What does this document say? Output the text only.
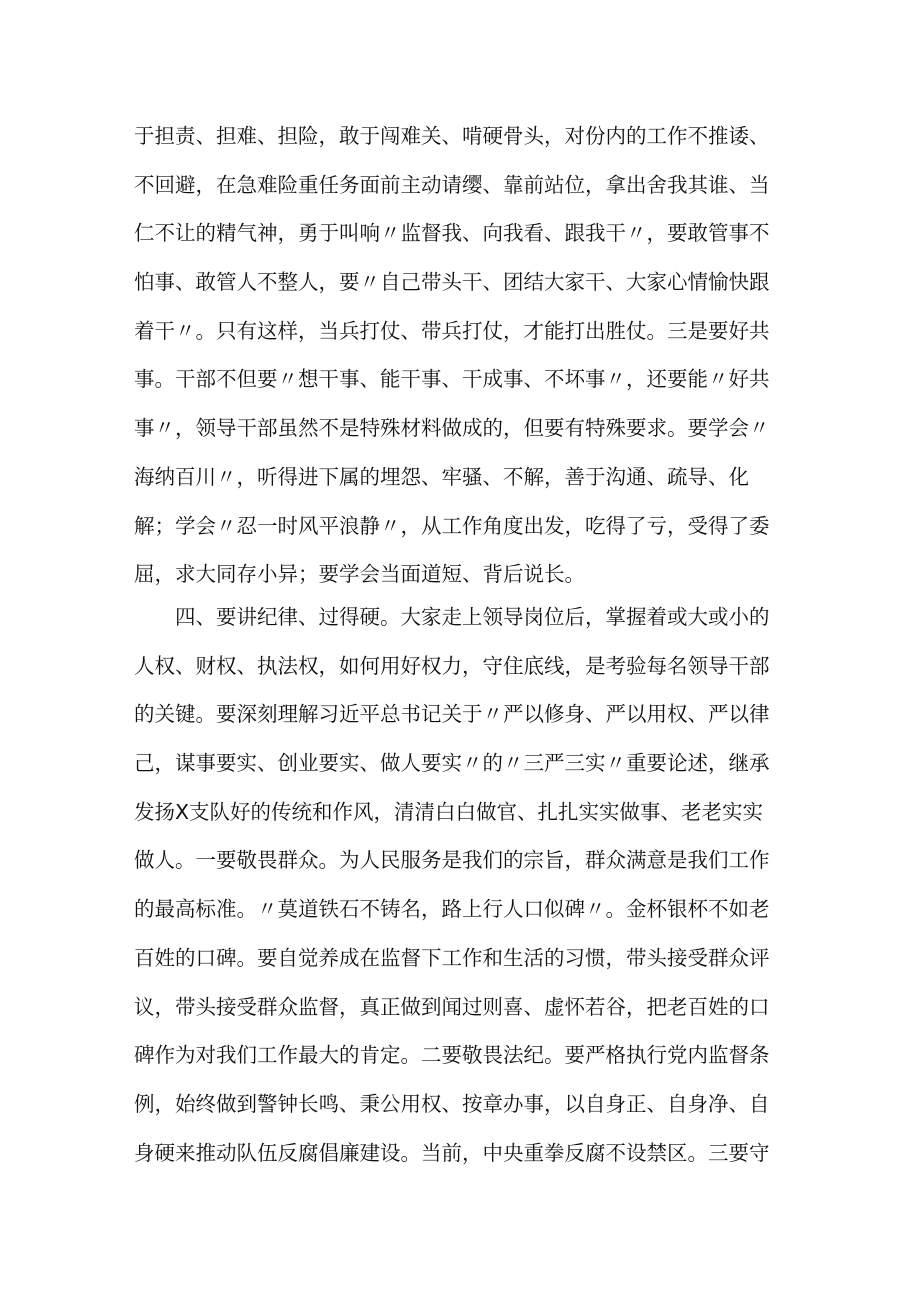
于担责、担难、担险，敢于闯难关、啃硬骨头，对份内的工作不推诿、
不回避，在急难险重任务面前主动请缨、靠前站位，拿出舍我其谁、当
仁不让的精气神，勇于叫响〃监督我、向我看、跟我干〃，要敢管事不
怕事、敢管人不整人，要〃自己带头干、团结大家干、大家心情愉快跟
着干〃。只有这样，当兵打仗、带兵打仗，才能打出胜仗。三是要好共
事。干部不但要〃想干事、能干事、干成事、不坏事〃，还要能〃好共
事〃，领导干部虽然不是特殊材料做成的，但要有特殊要求。要学会〃
海纳百川〃，听得进下属的埋怨、牢骚、不解，善于沟通、疏导、化
解；学会〃忍一时风平浪静〃，从工作角度出发，吃得了亏，受得了委
屈，求大同存小异；要学会当面道短、背后说长。
　　四、要讲纪律、过得硬。大家走上领导岗位后，掌握着或大或小的
人权、财权、执法权，如何用好权力，守住底线，是考验每名领导干部
的关键。要深刻理解习近平总书记关于〃严以修身、严以用权、严以律
己，谋事要实、创业要实、做人要实〃的〃三严三实〃重要论述，继承
发扬X支队好的传统和作风，清清白白做官、扎扎实实做事、老老实实
做人。一要敬畏群众。为人民服务是我们的宗旨，群众满意是我们工作
的最高标准。〃莫道铁石不铸名，路上行人口似碑〃。金杯银杯不如老
百姓的口碑。要自觉养成在监督下工作和生活的习惯，带头接受群众评
议，带头接受群众监督，真正做到闻过则喜、虚怀若谷，把老百姓的口
碑作为对我们工作最大的肯定。二要敬畏法纪。要严格执行党内监督条
例，始终做到警钟长鸣、秉公用权、按章办事，以自身正、自身净、自
身硬来推动队伍反腐倡廉建设。当前，中央重拳反腐不设禁区。三要守
